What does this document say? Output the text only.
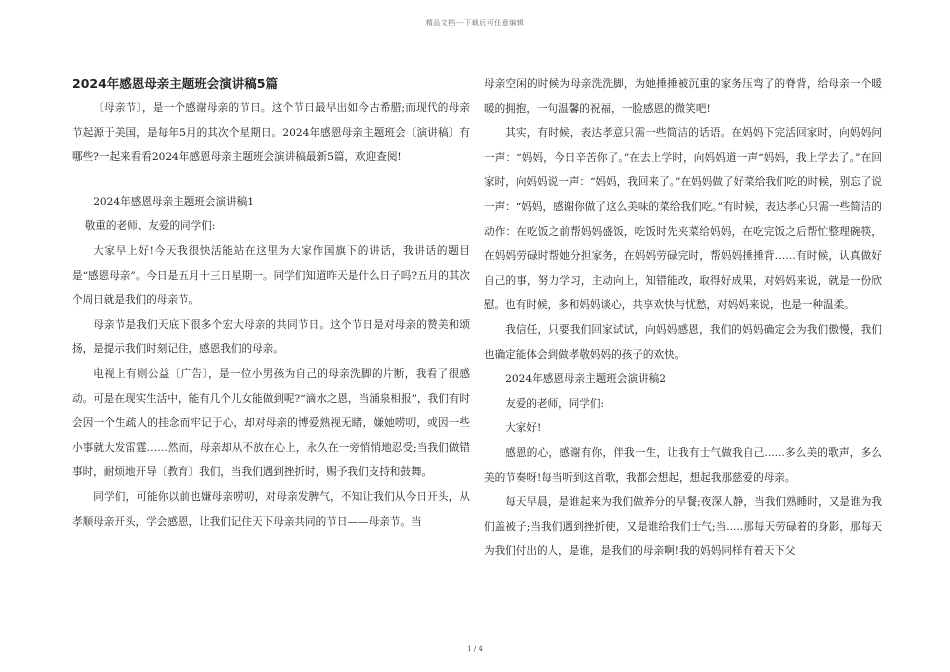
精品文档---下载后可任意编辑

2024年感恩母亲主题班会演讲稿5篇

〔母亲节〕，是一个感谢母亲的节日。这个节日最早出如今古希腊;而现代的母亲节起源于美国，是每年5月的其次个星期日。2024年感恩母亲主题班会〔演讲稿〕有哪些?一起来看看2024年感恩母亲主题班会演讲稿最新5篇，欢迎查阅!

2024年感恩母亲主题班会演讲稿1

敬重的老师、友爱的同学们:

大家早上好!今天我很快活能站在这里为大家作国旗下的讲话，我讲话的题目是“感恩母亲”。今日是五月十三日星期一。同学们知道昨天是什么日子吗?五月的其次个周日就是我们的母亲节。

母亲节是我们天底下很多个宏大母亲的共同节日。这个节日是对母亲的赞美和颂扬，是提示我们时刻记住，感恩我们的母亲。

电视上有则公益〔广告〕，是一位小男孩为自己的母亲洗脚的片断，我看了很感动。可是在现实生活中，能有几个儿女能做到呢?“滴水之恩，当涌泉相报”，我们有时会因一个生疏人的挂念而牢记于心，却对母亲的博爱熟视无睹，嫌她唠叨，或因一些小事就大发雷霆……然而，母亲却从不放在心上，永久在一旁悄悄地忍受;当我们做错事时，耐烦地开导〔教育〕我们，当我们遇到挫折时，赐予我们支持和鼓舞。

同学们，可能你以前也嫌母亲唠叨，对母亲发脾气，不知让我们从今日开头，从孝顺母亲开头，学会感恩，让我们记住天下母亲共同的节日——母亲节。当

母亲空闲的时候为母亲洗洗脚，为她捶捶被沉重的家务压弯了的脊背，给母亲一个暖暖的拥抱，一句温馨的祝福，一脸感恩的微笑吧!

其实，有时候，表达孝意只需一些简洁的话语。在妈妈下完活回家时，向妈妈问一声：“妈妈，今日辛苦你了。”在去上学时，向妈妈道一声“妈妈，我上学去了。”在回家时，向妈妈说一声：“妈妈，我回来了。”在妈妈做了好菜给我们吃的时候，别忘了说一声：“妈妈，感谢你做了这么美味的菜给我们吃。”有时候，表达孝心只需一些简洁的动作：在吃饭之前帮妈妈盛饭，吃饭时先夹菜给妈妈，在吃完饭之后帮忙整理碗筷，在妈妈劳碌时帮她分担家务，在妈妈劳碌完时，帮妈妈捶捶背……有时候，认真做好自己的事，努力学习，主动向上，知错能改，取得好成果，对妈妈来说，就是一份欣慰。也有时候，多和妈妈谈心，共享欢快与忧愁，对妈妈来说，也是一种温柔。

我信任，只要我们回家试试，向妈妈感恩，我们的妈妈确定会为我们傲慢，我们也确定能体会到做孝敬妈妈的孩子的欢快。

2024年感恩母亲主题班会演讲稿2

友爱的老师，同学们:

大家好!

感恩的心，感谢有你，伴我一生，让我有士气做我自己......多么美的歌声，多么美的节奏呀!每当听到这首歌，我都会想起，想起我那慈爱的母亲。

每天早晨，是谁起来为我们做养分的早餐;夜深人静，当我们熟睡时，又是谁为我们盖被子;当我们遇到挫折使，又是谁给我们士气;当.....那每天劳碌着的身影，那每天为我们付出的人，是谁，是我们的母亲啊!我的妈妈同样有着天下父

1 / 4
